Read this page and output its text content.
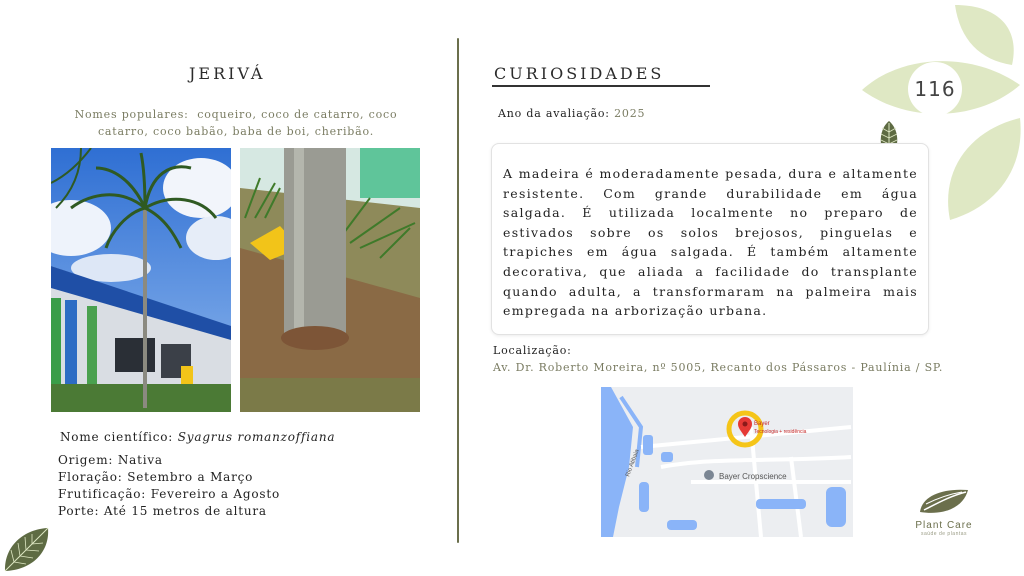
116
JERIVÁ
Nomes populares: coqueiro, coco de catarro, coco
catarro, coco babão, baba de boi, cheribão.
Nome científico: Syagrus romanzoffiana
Origem: Nativa
Floração: Setembro a Março
Frutificação: Fevereiro a Agosto
Porte: Até 15 metros de altura
CURIOSIDADES
Ano da avaliação: 2025

A madeira é moderadamente pesada, dura e altamente resistente. Com grande durabilidade em água salgada. É utilizada localmente no preparo de estivados sobre os solos brejosos, pinguelas e trapiches em água salgada. É também altamente decorativa, que aliada a facilidade do transplante quando adulta, a transformaram na palmeira mais empregada na arborização urbana.

Localização:
Av. Dr. Roberto Moreira, nº 5005, Recanto dos Pássaros - Paulínia / SP.
Bayer Cropscience
Rio Atibaia
Bayer
Tecnologia + residência
Plant Care
saúde de plantas
